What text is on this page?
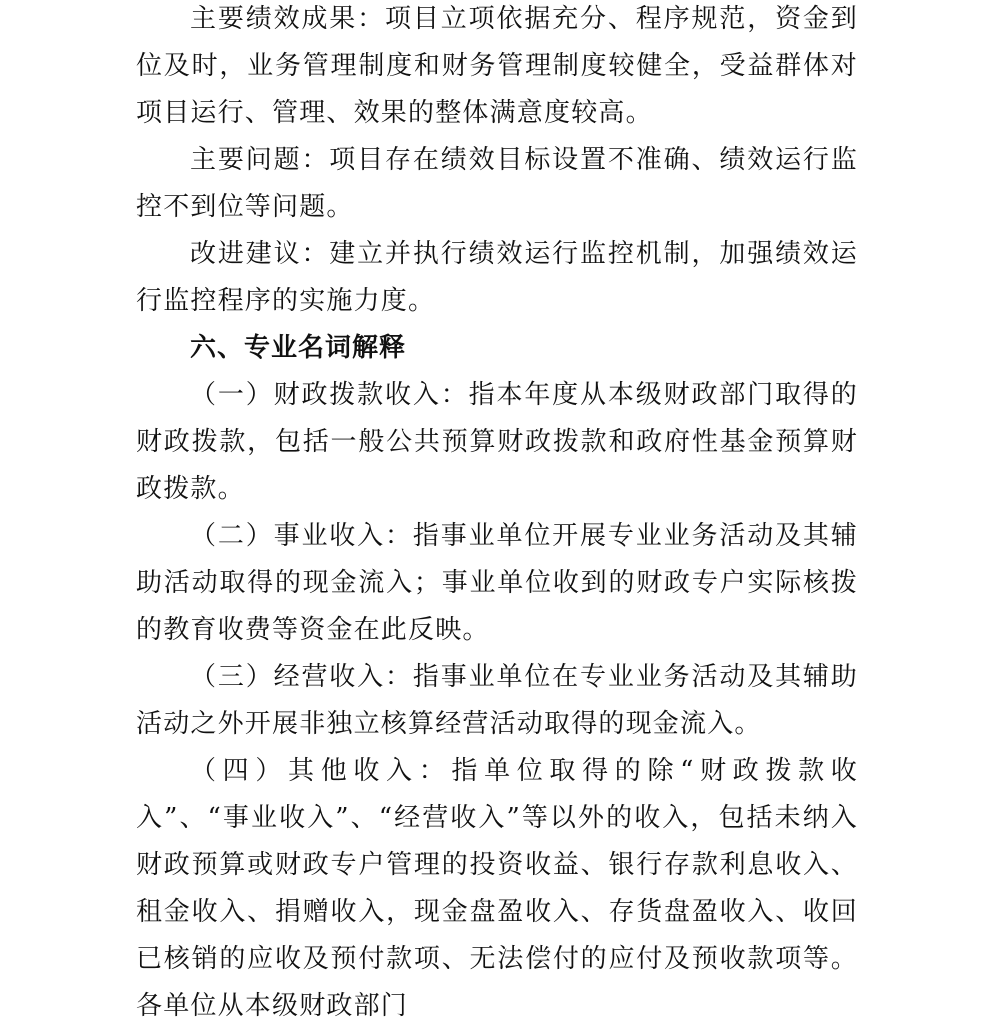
主要绩效成果：项目立项依据充分、程序规范，资金到位及时，业务管理制度和财务管理制度较健全，受益群体对项目运行、管理、效果的整体满意度较高。

主要问题：项目存在绩效目标设置不准确、绩效运行监控不到位等问题。

改进建议：建立并执行绩效运行监控机制，加强绩效运行监控程序的实施力度。

六、专业名词解释

（一）财政拨款收入：指本年度从本级财政部门取得的财政拨款，包括一般公共预算财政拨款和政府性基金预算财政拨款。

（二）事业收入：指事业单位开展专业业务活动及其辅助活动取得的现金流入；事业单位收到的财政专户实际核拨的教育收费等资金在此反映。

（三）经营收入：指事业单位在专业业务活动及其辅助活动之外开展非独立核算经营活动取得的现金流入。

（四）其他收入：指单位取得的除“财政拨款收入”、“事业收入”、“经营收入”等以外的收入，包括未纳入财政预算或财政专户管理的投资收益、银行存款利息收入、租金收入、捐赠收入，现金盘盈收入、存货盘盈收入、收回已核销的应收及预付款项、无法偿付的应付及预收款项等。各单位从本级财政部门
